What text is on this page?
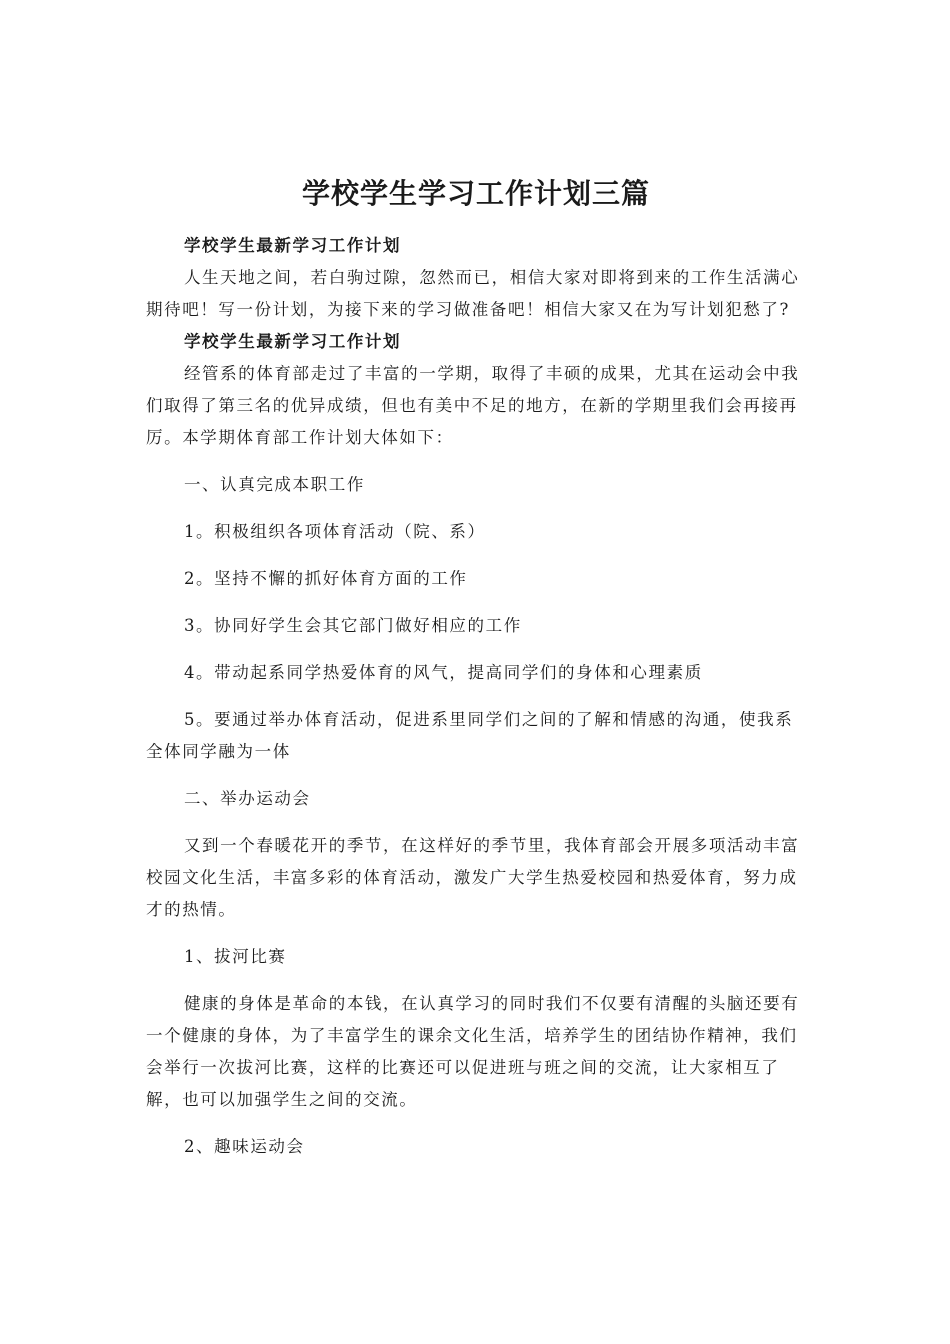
学校学生学习工作计划三篇

学校学生最新学习工作计划

人生天地之间，若白驹过隙，忽然而已，相信大家对即将到来的工作生活满心期待吧！写一份计划，为接下来的学习做准备吧！相信大家又在为写计划犯愁了?

学校学生最新学习工作计划

经管系的体育部走过了丰富的一学期，取得了丰硕的成果，尤其在运动会中我们取得了第三名的优异成绩，但也有美中不足的地方，在新的学期里我们会再接再厉。本学期体育部工作计划大体如下：

一、认真完成本职工作

1。积极组织各项体育活动（院、系）

2。坚持不懈的抓好体育方面的工作

3。协同好学生会其它部门做好相应的工作

4。带动起系同学热爱体育的风气，提高同学们的身体和心理素质

5。要通过举办体育活动，促进系里同学们之间的了解和情感的沟通，使我系全体同学融为一体

二、举办运动会

又到一个春暖花开的季节，在这样好的季节里，我体育部会开展多项活动丰富校园文化生活，丰富多彩的体育活动，激发广大学生热爱校园和热爱体育，努力成才的热情。

1、拔河比赛

健康的身体是革命的本钱，在认真学习的同时我们不仅要有清醒的头脑还要有一个健康的身体，为了丰富学生的课余文化生活，培养学生的团结协作精神，我们会举行一次拔河比赛，这样的比赛还可以促进班与班之间的交流，让大家相互了解，也可以加强学生之间的交流。

2、趣味运动会
